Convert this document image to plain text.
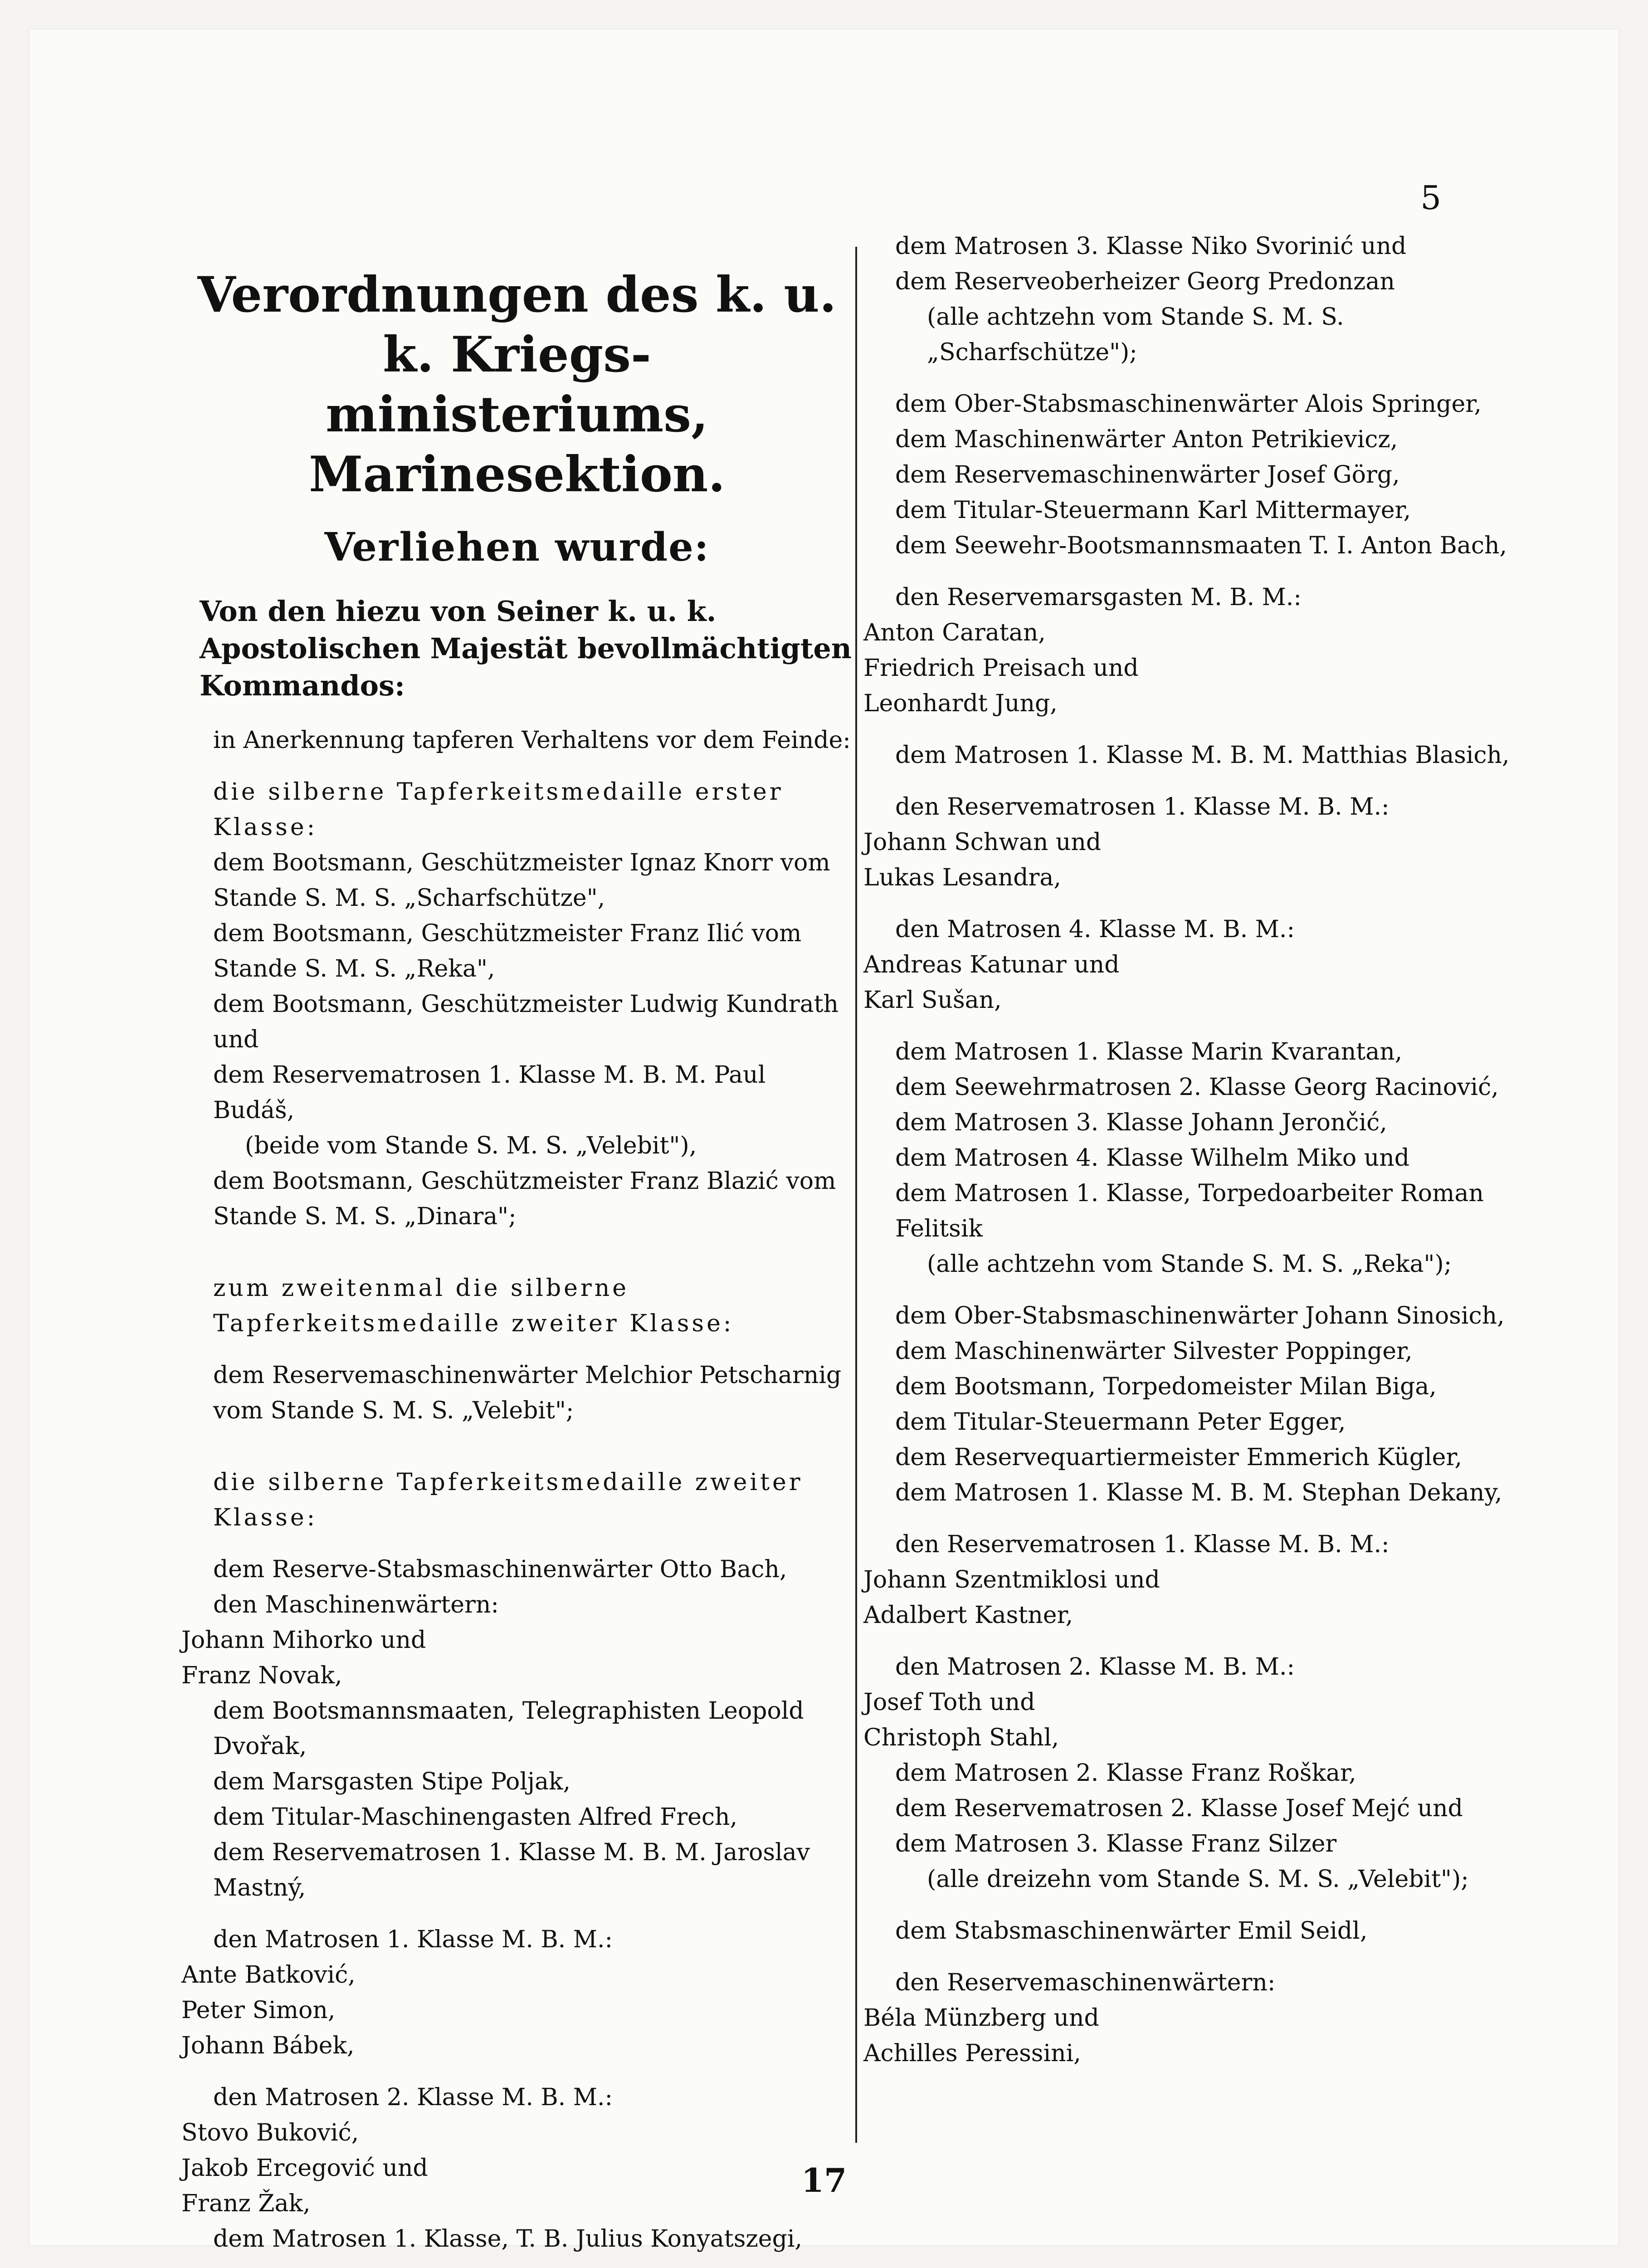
5
Verordnungen des k. u. k. Kriegs-
ministeriums, Marinesektion.
Verliehen wurde:
Von den hiezu von Seiner k. u. k. Apostolischen Majestät bevollmächtigten Kommandos:
in Anerkennung tapferen Verhaltens vor dem Feinde:
die silberne Tapferkeitsmedaille erster Klasse:
dem Bootsmann, Geschützmeister Ignaz Knorr vom Stande S. M. S. „Scharfschütze",
dem Bootsmann, Geschützmeister Franz Ilić vom Stande S. M. S. „Reka",
dem Bootsmann, Geschützmeister Ludwig Kundrath und
dem Reservematrosen 1. Klasse M. B. M. Paul Budáš,
(beide vom Stande S. M. S. „Velebit"),
dem Bootsmann, Geschützmeister Franz Blazić vom Stande S. M. S. „Dinara";
zum zweitenmal die silberne Tapferkeitsmedaille zweiter Klasse:
dem Reservemaschinenwärter Melchior Petscharnig vom Stande S. M. S. „Velebit";
die silberne Tapferkeitsmedaille zweiter Klasse:
dem Reserve-Stabsmaschinenwärter Otto Bach,
den Maschinenwärtern:
Johann Mihorko und
Franz Novak,
dem Bootsmannsmaaten, Telegraphisten Leopold Dvořak,
dem Marsgasten Stipe Poljak,
dem Titular-Maschinengasten Alfred Frech,
dem Reservematrosen 1. Klasse M. B. M. Jaroslav Mastný,
den Matrosen 1. Klasse M. B. M.:
Ante Batković,
Peter Simon,
Johann Bábek,
den Matrosen 2. Klasse M. B. M.:
Stovo Buković,
Jakob Ercegović und
Franz Žak,
dem Matrosen 1. Klasse, T. B. Julius Konyatszegi,
dem Matrosen 3. Klasse Niko Svorinić und
dem Reserveoberheizer Georg Predonzan
(alle achtzehn vom Stande S. M. S. „Scharfschütze");
dem Ober-Stabsmaschinenwärter Alois Springer,
dem Maschinenwärter Anton Petrikievicz,
dem Reservemaschinenwärter Josef Görg,
dem Titular-Steuermann Karl Mittermayer,
dem Seewehr-Bootsmannsmaaten T. I. Anton Bach,
den Reservemarsgasten M. B. M.:
Anton Caratan,
Friedrich Preisach und
Leonhardt Jung,
dem Matrosen 1. Klasse M. B. M. Matthias Blasich,
den Reservematrosen 1. Klasse M. B. M.:
Johann Schwan und
Lukas Lesandra,
den Matrosen 4. Klasse M. B. M.:
Andreas Katunar und
Karl Sušan,
dem Matrosen 1. Klasse Marin Kvarantan,
dem Seewehrmatrosen 2. Klasse Georg Racinović,
dem Matrosen 3. Klasse Johann Jerončić,
dem Matrosen 4. Klasse Wilhelm Miko und
dem Matrosen 1. Klasse, Torpedoarbeiter Roman Felitsik
(alle achtzehn vom Stande S. M. S. „Reka");
dem Ober-Stabsmaschinenwärter Johann Sinosich,
dem Maschinenwärter Silvester Poppinger,
dem Bootsmann, Torpedomeister Milan Biga,
dem Titular-Steuermann Peter Egger,
dem Reservequartiermeister Emmerich Kügler,
dem Matrosen 1. Klasse M. B. M. Stephan Dekany,
den Reservematrosen 1. Klasse M. B. M.:
Johann Szentmiklosi und
Adalbert Kastner,
den Matrosen 2. Klasse M. B. M.:
Josef Toth und
Christoph Stahl,
dem Matrosen 2. Klasse Franz Roškar,
dem Reservematrosen 2. Klasse Josef Mejć und
dem Matrosen 3. Klasse Franz Silzer
(alle dreizehn vom Stande S. M. S. „Velebit");
dem Stabsmaschinenwärter Emil Seidl,
den Reservemaschinenwärtern:
Béla Münzberg und
Achilles Peressini,
17
